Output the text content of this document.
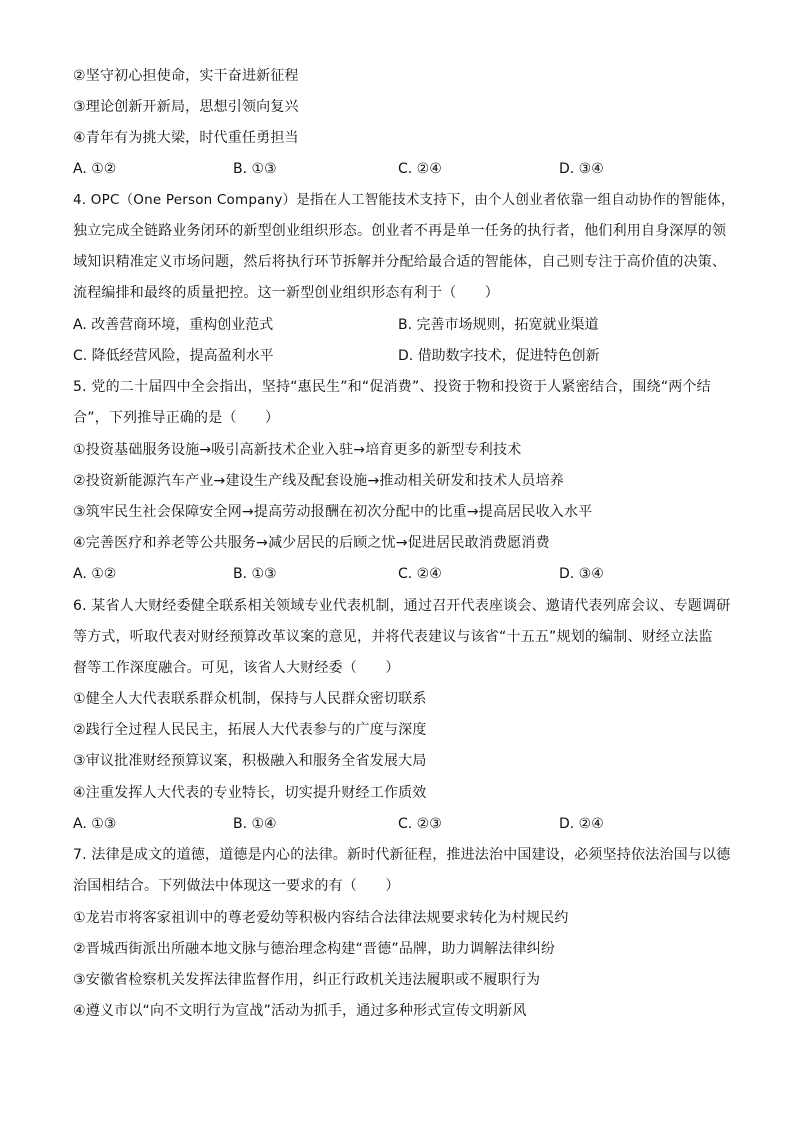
②坚守初心担使命，实干奋进新征程
③理论创新开新局，思想引领向复兴
④青年有为挑大梁，时代重任勇担当
A. ①②	B. ①③	C. ②④	D. ③④
4. OPC（One Person Company）是指在人工智能技术支持下，由个人创业者依靠一组自动协作的智能体，
独立完成全链路业务闭环的新型创业组织形态。创业者不再是单一任务的执行者，他们利用自身深厚的领
域知识精准定义市场问题，然后将执行环节拆解并分配给最合适的智能体，自己则专注于高价值的决策、
流程编排和最终的质量把控。这一新型创业组织形态有利于（　　）
A. 改善营商环境，重构创业范式	B. 完善市场规则，拓宽就业渠道
C. 降低经营风险，提高盈利水平	D. 借助数字技术，促进特色创新
5. 党的二十届四中全会指出，坚持“惠民生”和“促消费”、投资于物和投资于人紧密结合，围绕“两个结
合”，下列推导正确的是（　　）
①投资基础服务设施→吸引高新技术企业入驻→培育更多的新型专利技术
②投资新能源汽车产业→建设生产线及配套设施→推动相关研发和技术人员培养
③筑牢民生社会保障安全网→提高劳动报酬在初次分配中的比重→提高居民收入水平
④完善医疗和养老等公共服务→减少居民的后顾之忧→促进居民敢消费愿消费
A. ①②	B. ①③	C. ②④	D. ③④
6. 某省人大财经委健全联系相关领域专业代表机制，通过召开代表座谈会、邀请代表列席会议、专题调研
等方式，听取代表对财经预算改革议案的意见，并将代表建议与该省“十五五”规划的编制、财经立法监
督等工作深度融合。可见，该省人大财经委（　　）
①健全人大代表联系群众机制，保持与人民群众密切联系
②践行全过程人民民主，拓展人大代表参与的广度与深度
③审议批准财经预算议案，积极融入和服务全省发展大局
④注重发挥人大代表的专业特长，切实提升财经工作质效
A. ①③	B. ①④	C. ②③	D. ②④
7. 法律是成文的道德，道德是内心的法律。新时代新征程，推进法治中国建设，必须坚持依法治国与以德
治国相结合。下列做法中体现这一要求的有（　　）
①龙岩市将客家祖训中的尊老爱幼等积极内容结合法律法规要求转化为村规民约
②晋城西街派出所融本地文脉与德治理念构建“晋德”品牌，助力调解法律纠纷
③安徽省检察机关发挥法律监督作用，纠正行政机关违法履职或不履职行为
④遵义市以“向不文明行为宣战”活动为抓手，通过多种形式宣传文明新风
